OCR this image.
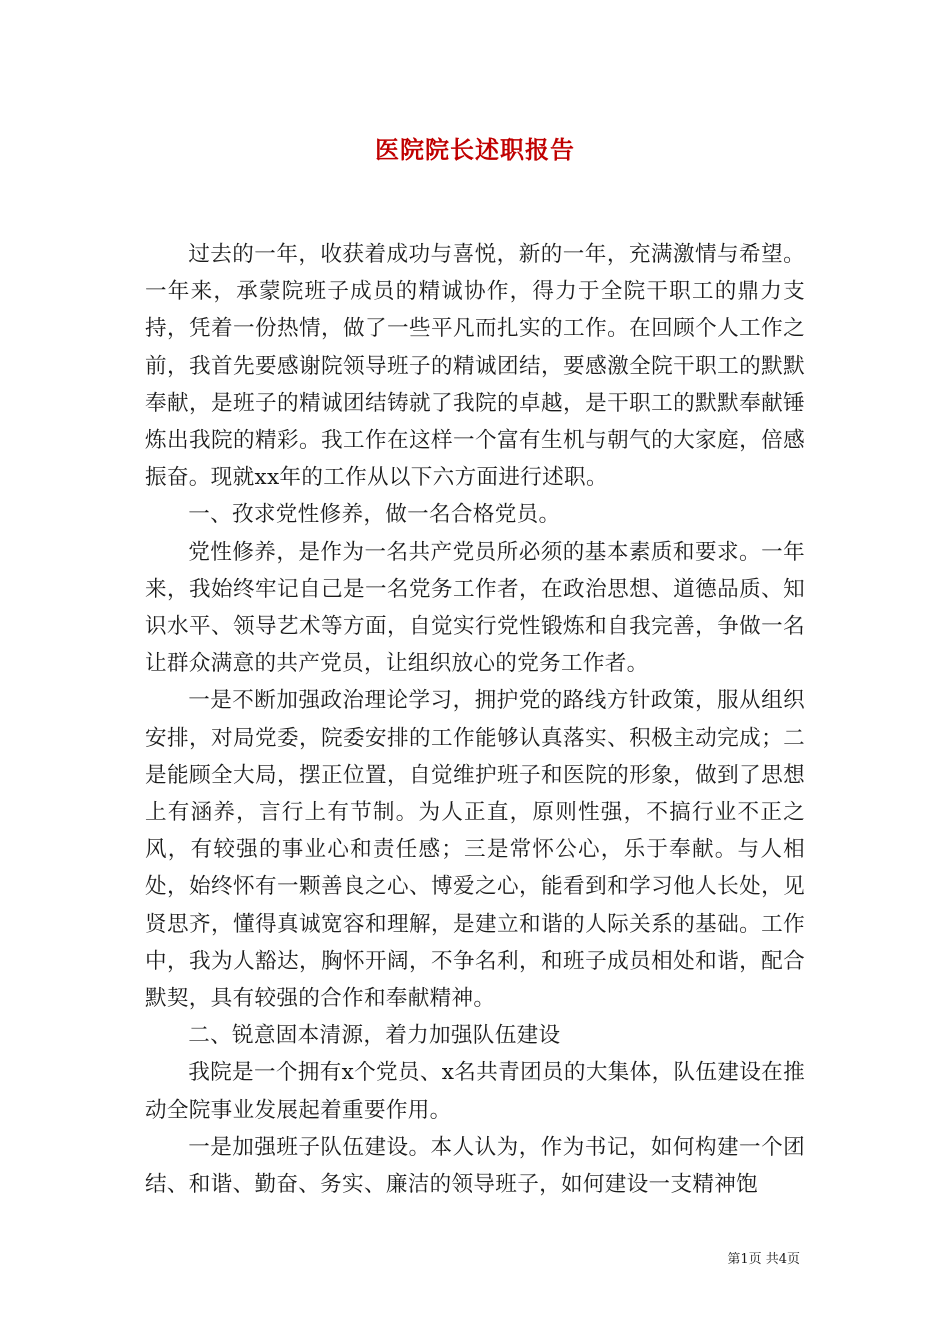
医院院长述职报告

过去的一年，收获着成功与喜悦，新的一年，充满激情与希望。一年来，承蒙院班子成员的精诚协作，得力于全院干职工的鼎力支持，凭着一份热情，做了一些平凡而扎实的工作。在回顾个人工作之前，我首先要感谢院领导班子的精诚团结，要感激全院干职工的默默奉献，是班子的精诚团结铸就了我院的卓越，是干职工的默默奉献锤炼出我院的精彩。我工作在这样一个富有生机与朝气的大家庭，倍感振奋。现就xx年的工作从以下六方面进行述职。

一、孜求党性修养，做一名合格党员。

党性修养，是作为一名共产党员所必须的基本素质和要求。一年来，我始终牢记自己是一名党务工作者，在政治思想、道德品质、知识水平、领导艺术等方面，自觉实行党性锻炼和自我完善，争做一名让群众满意的共产党员，让组织放心的党务工作者。

一是不断加强政治理论学习，拥护党的路线方针政策，服从组织安排，对局党委，院委安排的工作能够认真落实、积极主动完成；二是能顾全大局，摆正位置，自觉维护班子和医院的形象，做到了思想上有涵养，言行上有节制。为人正直，原则性强，不搞行业不正之风，有较强的事业心和责任感；三是常怀公心，乐于奉献。与人相处，始终怀有一颗善良之心、博爱之心，能看到和学习他人长处，见贤思齐，懂得真诚宽容和理解，是建立和谐的人际关系的基础。工作中，我为人豁达，胸怀开阔，不争名利，和班子成员相处和谐，配合默契，具有较强的合作和奉献精神。

二、锐意固本清源，着力加强队伍建设

我院是一个拥有x个党员、x名共青团员的大集体，队伍建设在推动全院事业发展起着重要作用。

一是加强班子队伍建设。本人认为，作为书记，如何构建一个团结、和谐、勤奋、务实、廉洁的领导班子，如何建设一支精神饱

第1页 共4页
